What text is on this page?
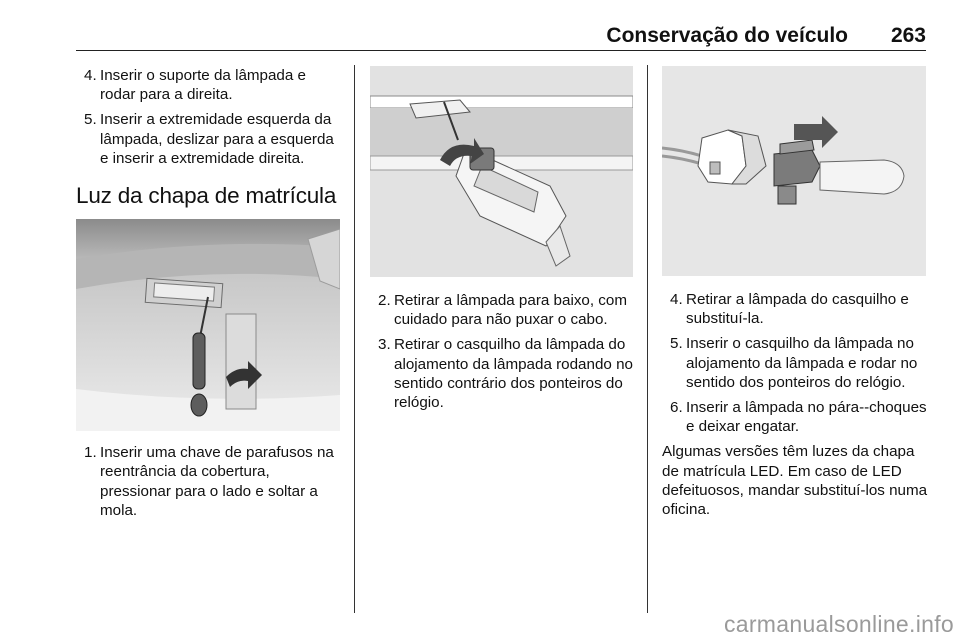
Conservação do veículo 263
4. Inserir o suporte da lâmpada e rodar para a direita.
5. Inserir a extremidade esquerda da lâmpada, deslizar para a esquerda e inserir a extremidade direita.
Luz da chapa de matrícula
1. Inserir uma chave de parafusos na reentrância da cobertura, pressionar para o lado e soltar a mola.
2. Retirar a lâmpada para baixo, com cuidado para não puxar o cabo.
3. Retirar o casquilho da lâmpada do alojamento da lâmpada rodando no sentido contrário dos ponteiros do relógio.
4. Retirar a lâmpada do casquilho e substituí-la.
5. Inserir o casquilho da lâmpada no alojamento da lâmpada e rodar no sentido dos ponteiros do relógio.
6. Inserir a lâmpada no pára--choques e deixar engatar.

Algumas versões têm luzes da chapa de matrícula LED. Em caso de LED defeituosos, mandar substituí-los numa oficina.

carmanualsonline.info
